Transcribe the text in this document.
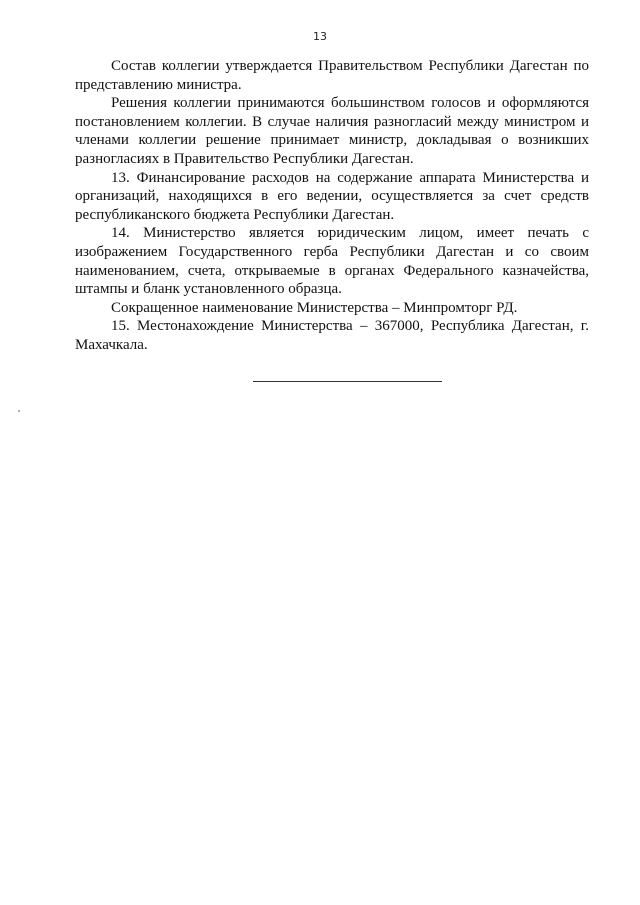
13

Состав коллегии утверждается Правительством Республики Дагестан по представлению министра.

Решения коллегии принимаются большинством голосов и оформляются постановлением коллегии. В случае наличия разногласий между министром и членами коллегии решение принимает министр, докладывая о возникших разногласиях в Правительство Республики Дагестан.

13. Финансирование расходов на содержание аппарата Министерства и организаций, находящихся в его ведении, осуществляется за счет средств республиканского бюджета Республики Дагестан.

14. Министерство является юридическим лицом, имеет печать с изображением Государственного герба Республики Дагестан и со своим наименованием, счета, открываемые в органах Федерального казначейства, штампы и бланк установленного образца.

Сокращенное наименование Министерства – Минпромторг РД.

15. Местонахождение Министерства – 367000, Республика Дагестан, г. Махачкала.
